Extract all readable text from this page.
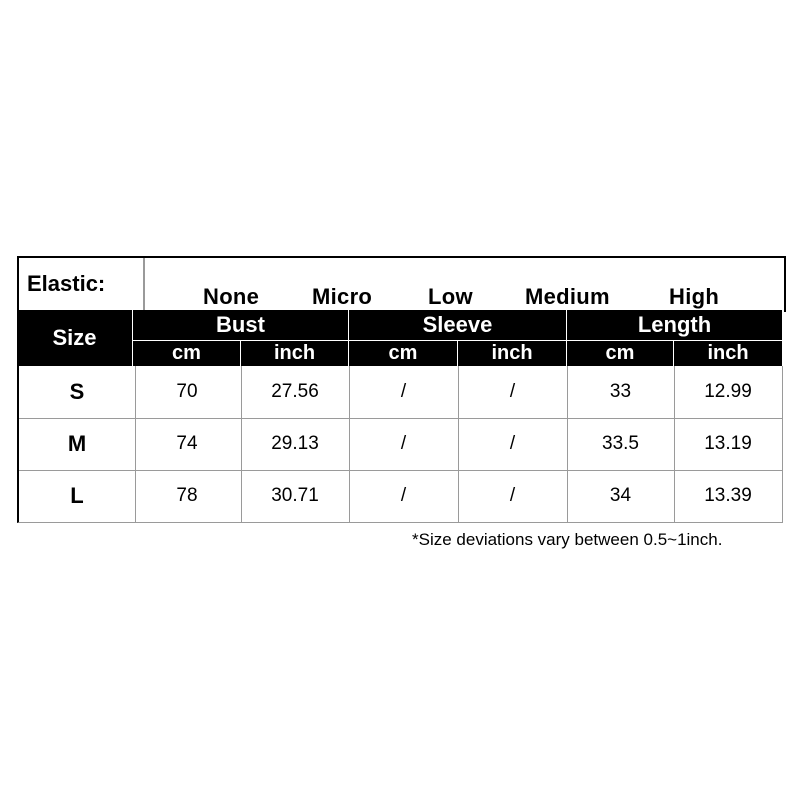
Elastic:
None Micro	Low Medium	High
Size
Bust	Sleeve	Length
cm	inch	cm	inch	cm	inch
S	70	27.56	/	/	33	12.99
M	74	29.13	/	/	33.5	13.19
L	78	30.71	/	/	34	13.39
*Size deviations vary between 0.5~1inch.
